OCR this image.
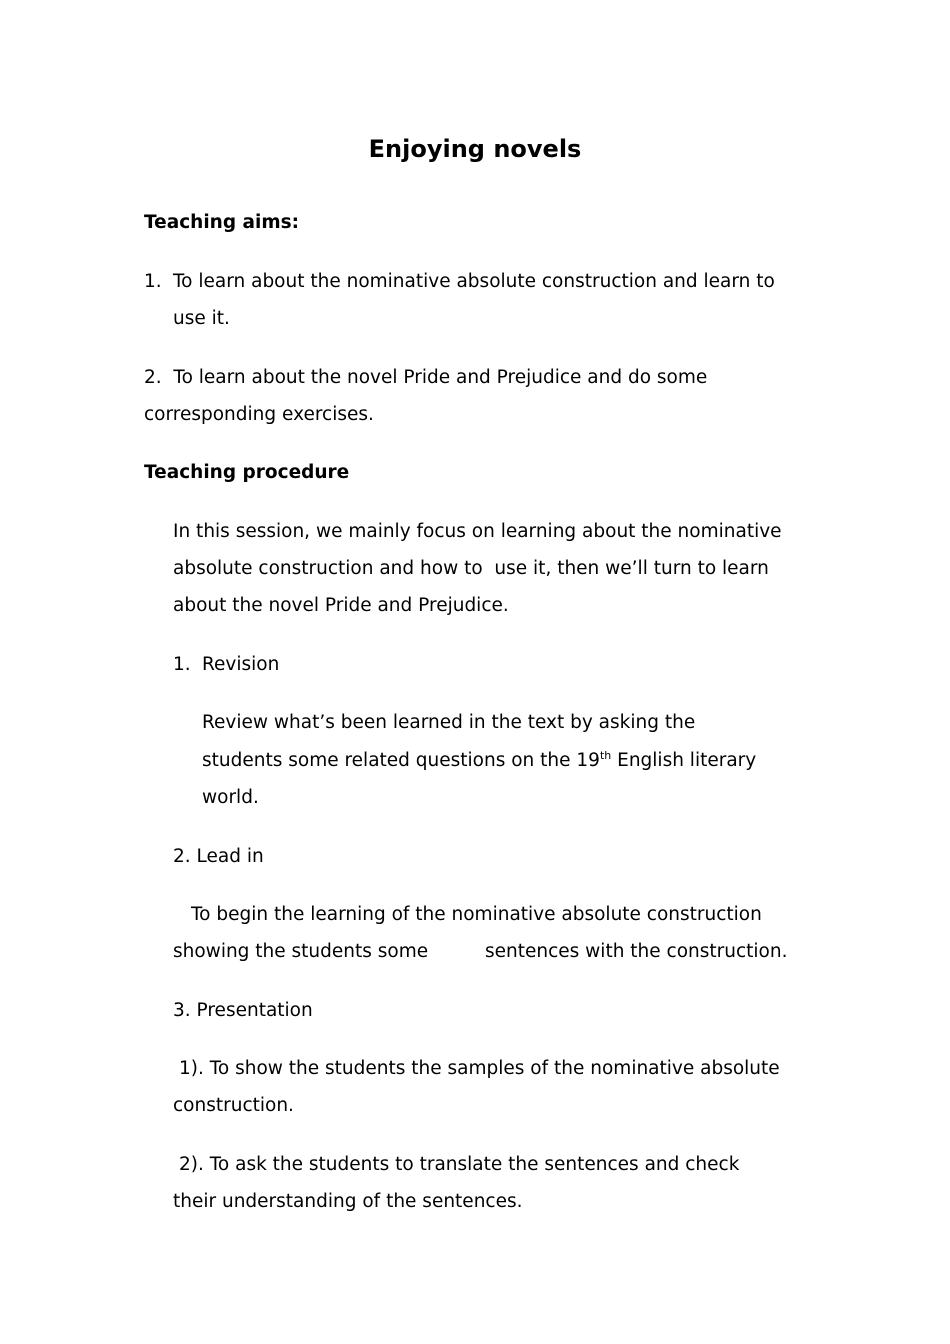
Enjoying novels
Teaching aims:
1. To learn about the nominative absolute construction and learn to
use it.
2.  To learn about the novel Pride and Prejudice and do some
corresponding exercises.
Teaching procedure
In this session, we mainly focus on learning about the nominative
absolute construction and how to  use it, then we’ll turn to learn
about the novel Pride and Prejudice.
1. Revision
Review what’s been learned in the text by asking the
students some related questions on the 19th English literary
world.
2. Lead in
To begin the learning of the nominative absolute construction
showing the students some	sentences with the construction.
3. Presentation
1). To show the students the samples of the nominative absolute
construction.
2). To ask the students to translate the sentences and check
their understanding of the sentences.
